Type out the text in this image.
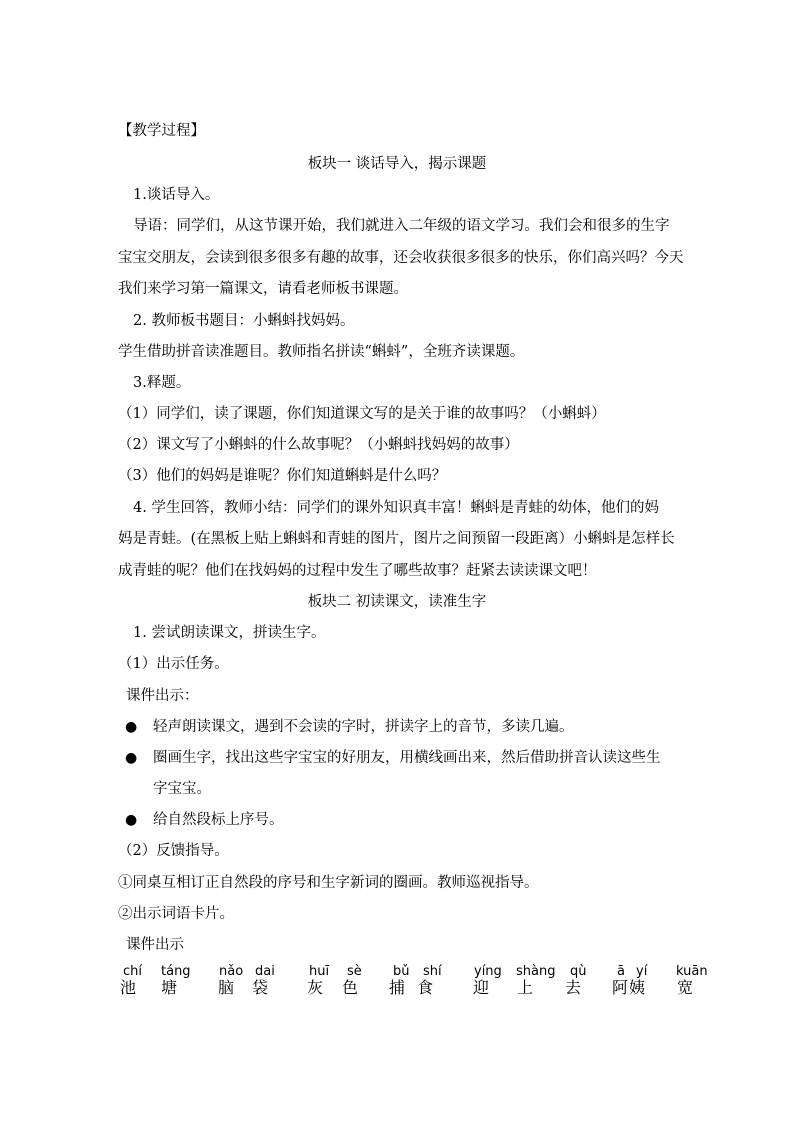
【教学过程】
板块一 谈话导入，揭示课题
1.谈话导入。
导语：同学们，从这节课开始，我们就进入二年级的语文学习。我们会和很多的生字
宝宝交朋友，会读到很多很多有趣的故事，还会收获很多很多的快乐，你们高兴吗？今天
我们来学习第一篇课文，请看老师板书课题。
2. 教师板书题目：小蝌蚪找妈妈。
学生借助拼音读准题目。教师指名拼读“蝌蚪”，全班齐读课题。
3.释题。
（1）同学们，读了课题，你们知道课文写的是关于谁的故事吗？（小蝌蚪）
（2）课文写了小蝌蚪的什么故事呢？（小蝌蚪找妈妈的故事）
（3）他们的妈妈是谁呢？你们知道蝌蚪是什么吗？
4. 学生回答，教师小结：同学们的课外知识真丰富！蝌蚪是青蛙的幼体，他们的妈
妈是青蛙。(在黑板上贴上蝌蚪和青蛙的图片，图片之间预留一段距离）小蝌蚪是怎样长
成青蛙的呢？他们在找妈妈的过程中发生了哪些故事？赶紧去读读课文吧！
板块二 初读课文，读准生字
1. 尝试朗读课文，拼读生字。
（1）出示任务。
课件出示：
● 轻声朗读课文，遇到不会读的字时，拼读字上的音节，多读几遍。
● 圈画生字，找出这些字宝宝的好朋友，用横线画出来，然后借助拼音认读这些生
字宝宝。
● 给自然段标上序号。
（2）反馈指导。
①同桌互相订正自然段的序号和生字新词的圈画。教师巡视指导。
②出示词语卡片。
课件出示
chí
池
táng
塘
nǎo
脑
dai
袋
huī
灰
sè
色
bǔ
捕
shí
食
yíng
迎
shàng
上
qù
去
ā
阿
yí
姨
kuān
宽
